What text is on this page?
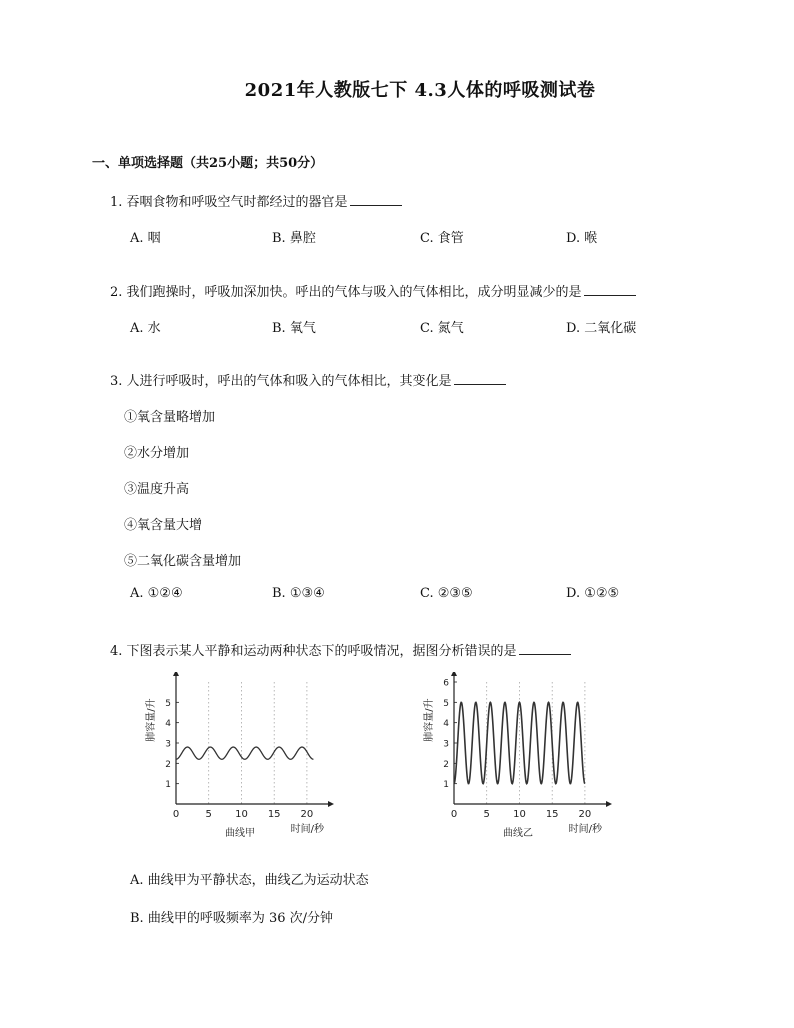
2021年人教版七下 4.3人体的呼吸测试卷
一、单项选择题（共25小题；共50分）
1. 吞咽食物和呼吸空气时都经过的器官是
A. 咽	B. 鼻腔	C. 食管	D. 喉
2. 我们跑操时，呼吸加深加快。呼出的气体与吸入的气体相比，成分明显减少的是
A. 水	B. 氧气	C. 氮气	D. 二氧化碳
3. 人进行呼吸时，呼出的气体和吸入的气体相比，其变化是
①氧含量略增加
②水分增加
③温度升高
④氧含量大增
⑤二氧化碳含量增加
A. ①②④	B. ①③④	C. ②③⑤	D. ①②⑤
4. 下图表示某人平静和运动两种状态下的呼吸情况，据图分析错误的是
0	5 10 15 20
1
2
3
4
5
肺容量/升
时间/秒
曲线甲
0	5 10 15 20
1
2
3
4
5
6
肺容量/升
时间/秒
曲线乙
A. 曲线甲为平静状态，曲线乙为运动状态
B. 曲线甲的呼吸频率为 36 次/分钟
